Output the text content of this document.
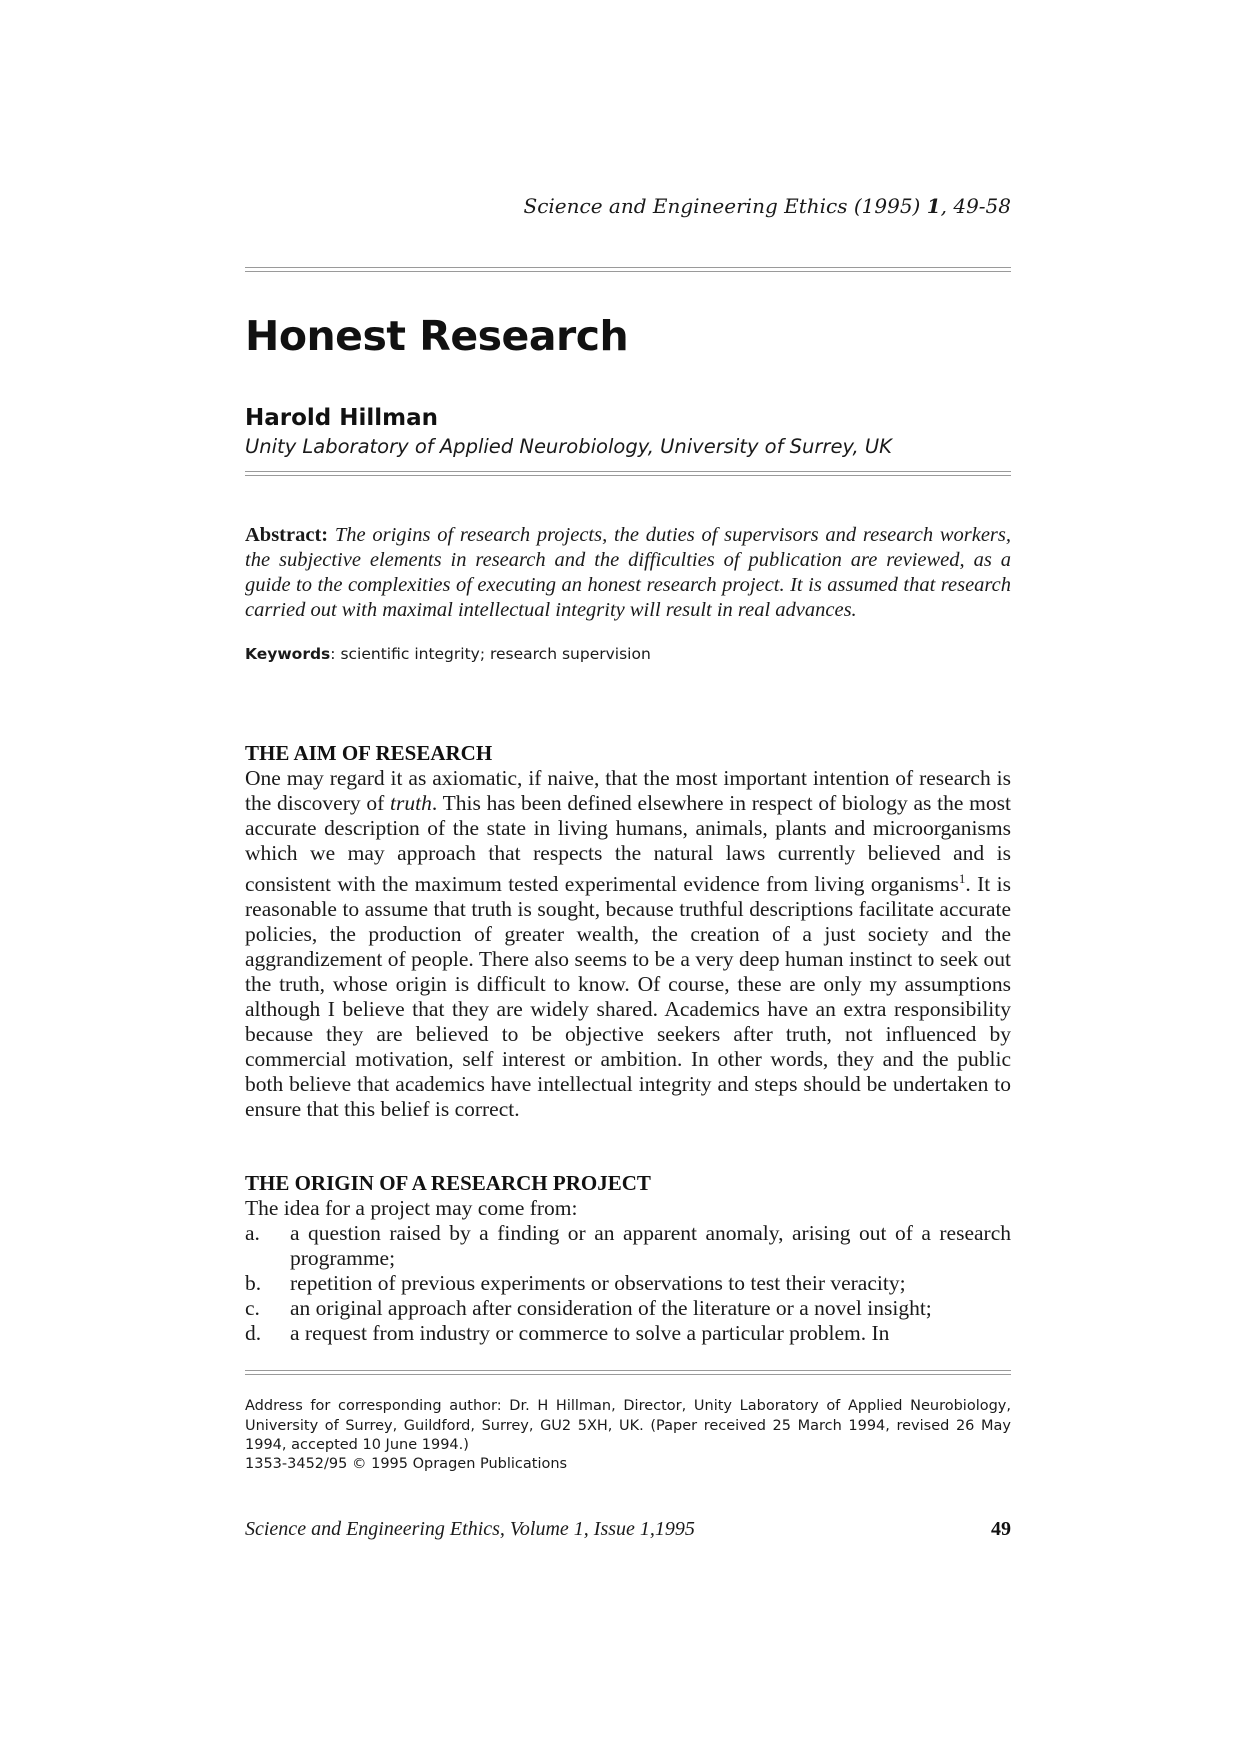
Science and Engineering Ethics (1995) 1, 49-58
Honest Research
Harold Hillman
Unity Laboratory of Applied Neurobiology, University of Surrey, UK
Abstract: The origins of research projects, the duties of supervisors and research workers, the subjective elements in research and the difficulties of publication are reviewed, as a guide to the complexities of executing an honest research project. It is assumed that research carried out with maximal intellectual integrity will result in real advances.
Keywords: scientific integrity; research supervision
THE AIM OF RESEARCH
One may regard it as axiomatic, if naive, that the most important intention of research is the discovery of truth. This has been defined elsewhere in respect of biology as the most accurate description of the state in living humans, animals, plants and microorganisms which we may approach that respects the natural laws currently believed and is consistent with the maximum tested experimental evidence from living organisms$^1$. It is reasonable to assume that truth is sought, because truthful descriptions facilitate accurate policies, the production of greater wealth, the creation of a just society and the aggrandizement of people. There also seems to be a very deep human instinct to seek out the truth, whose origin is difficult to know. Of course, these are only my assumptions although I believe that they are widely shared. Academics have an extra responsibility because they are believed to be objective seekers after truth, not influenced by commercial motivation, self interest or ambition. In other words, they and the public both believe that academics have intellectual integrity and steps should be undertaken to ensure that this belief is correct.
THE ORIGIN OF A RESEARCH PROJECT
The idea for a project may come from:
a. a question raised by a finding or an apparent anomaly, arising out of a research programme;
b. repetition of previous experiments or observations to test their veracity;
c. an original approach after consideration of the literature or a novel insight;
d. a request from industry or commerce to solve a particular problem. In
Address for corresponding author: Dr. H Hillman, Director, Unity Laboratory of Applied Neurobiology, University of Surrey, Guildford, Surrey, GU2 5XH, UK. (Paper received 25 March 1994, revised 26 May 1994, accepted 10 June 1994.)
1353-3452/95 © 1995 Opragen Publications
Science and Engineering Ethics, Volume 1, Issue 1,1995	49
